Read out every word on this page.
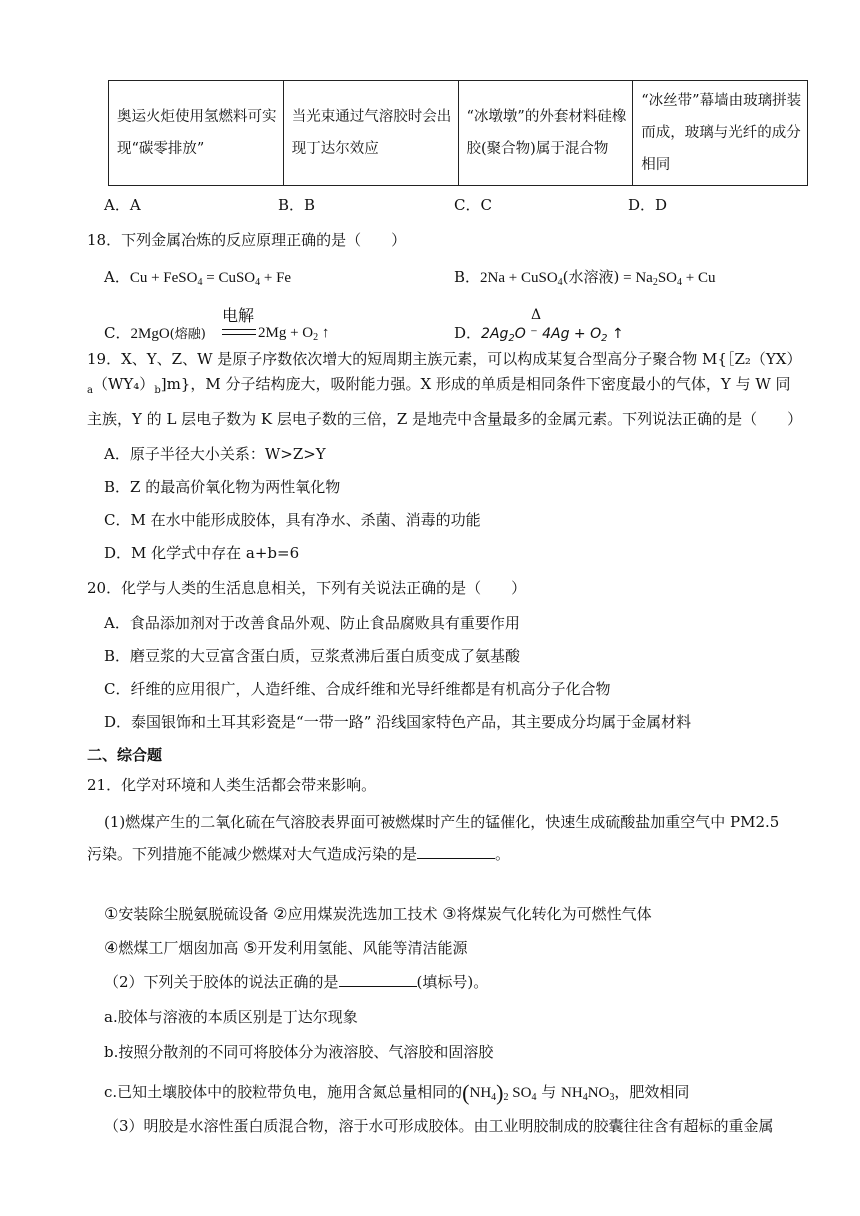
奥运火炬使用氢燃料可实现“碳零排放”	当光束通过气溶胶时会出现丁达尔效应	“冰墩墩”的外套材料硅橡胶(聚合物)属于混合物	“冰丝带”幕墙由玻璃拼装而成，玻璃与光纤的成分相同
A．A	B．B	C．C	D．D
18．下列金属冶炼的反应原理正确的是（　　）
A．Cu + FeSO$_4$ = CuSO$_4$ + Fe	B．2Na + CuSO$_4$(水溶液) = $Na_2SO_4 + Cu$
C．2MgO(熔融)
电解
$2Mg + O_2$ ↑	D．$2Ag_2O$ ⁻ $4Ag + O_2$ ↑
Δ
19．X、Y、Z、W 是原子序数依次增大的短周期主族元素，可以构成某复合型高分子聚合物 M{［Z₂（YX）
$_a(WY_4)_b]m$}，M 分子结构庞大，吸附能力强。X 形成的单质是相同条件下密度最小的气体，Y 与 W 同
主族，Y 的 L 层电子数为 K 层电子数的三倍，Z 是地壳中含量最多的金属元素。下列说法正确的是（　　）
A．原子半径大小关系：W>Z>Y
B．Z 的最高价氧化物为两性氧化物
C．M 在水中能形成胶体，具有净水、杀菌、消毒的功能
D．M 化学式中存在 a+b=6
20．化学与人类的生活息息相关，下列有关说法正确的是（　　）
A．食品添加剂对于改善食品外观、防止食品腐败具有重要作用
B．磨豆浆的大豆富含蛋白质，豆浆煮沸后蛋白质变成了氨基酸
C．纤维的应用很广，人造纤维、合成纤维和光导纤维都是有机高分子化合物
D．泰国银饰和土耳其彩瓷是“一带一路” 沿线国家特色产品，其主要成分均属于金属材料
二、综合题
21．化学对环境和人类生活都会带来影响。
(1)燃煤产生的二氧化硫在气溶胶表界面可被燃煤时产生的锰催化，快速生成硫酸盐加重空气中 PM2.5
污染。下列措施不能减少燃煤对大气造成污染的是	。
①安装除尘脱氨脱硫设备 ②应用煤炭洗选加工技术 ③将煤炭气化转化为可燃性气体
④燃煤工厂烟囱加高 ⑤开发利用氢能、风能等清洁能源
（2）下列关于胶体的说法正确的是	(填标号)。
a.胶体与溶液的本质区别是丁达尔现象
b.按照分散剂的不同可将胶体分为液溶胶、气溶胶和固溶胶
c.已知土壤胶体中的胶粒带负电，施用含氮总量相同的$(NH_4)_2$ $SO_4$ 与 $NH_4NO_3$，肥效相同
（3）明胶是水溶性蛋白质混合物，溶于水可形成胶体。由工业明胶制成的胶囊往往含有超标的重金属
